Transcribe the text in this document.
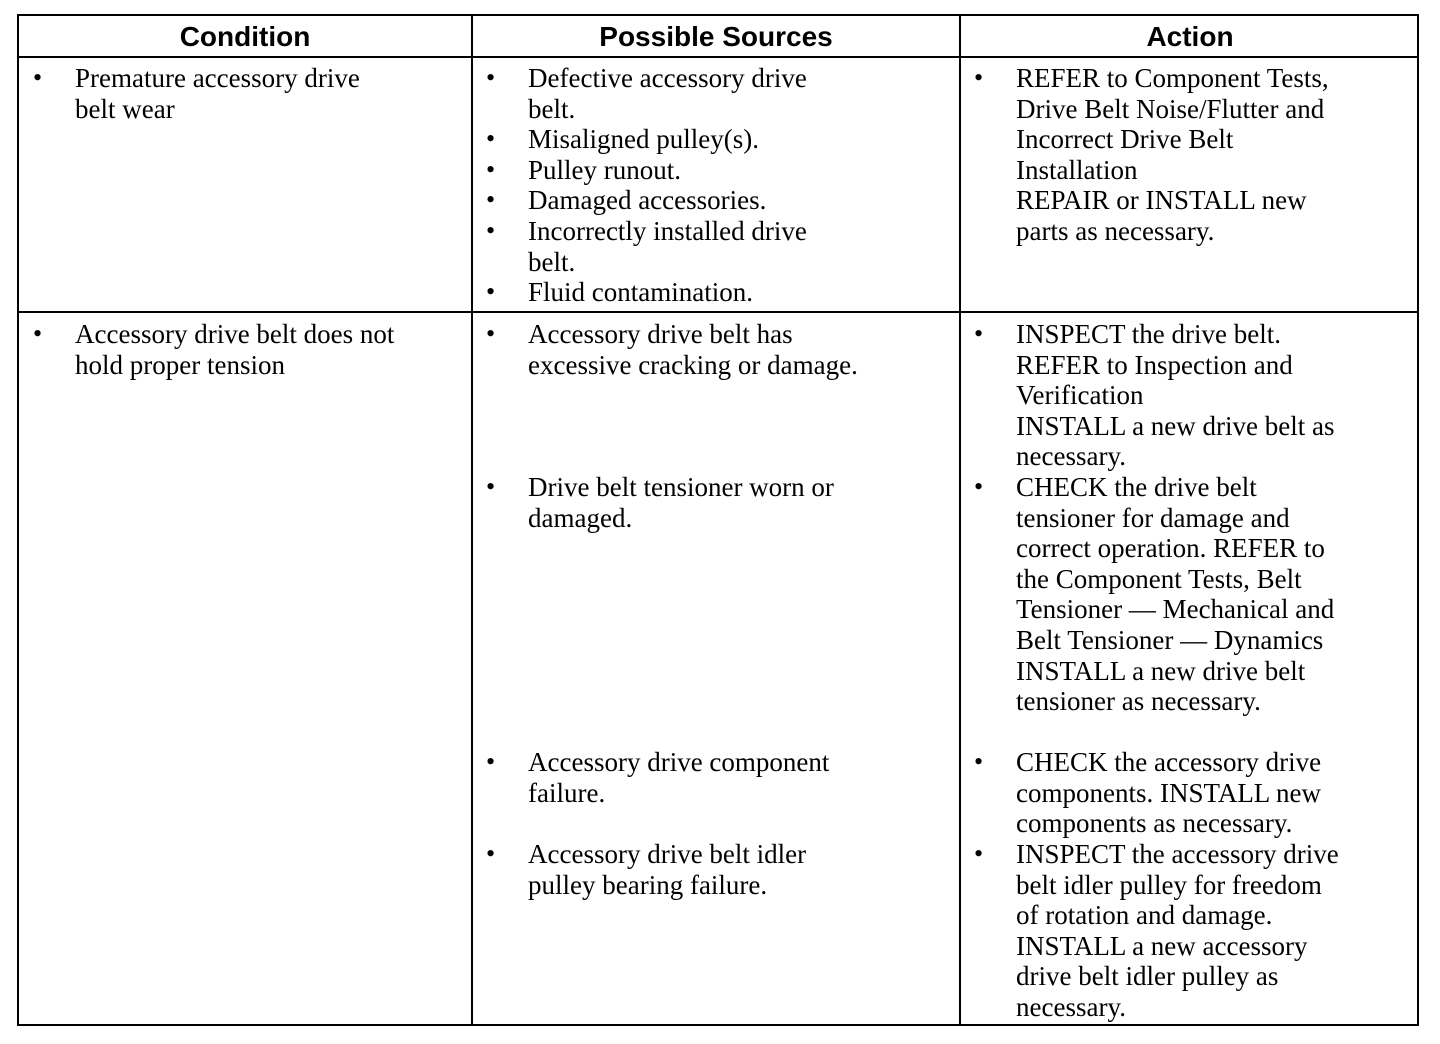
Condition	Possible Sources	Action
• Premature accessory drive
belt wear
• Defective accessory drive
belt.
• Misaligned pulley(s).
• Pulley runout.
• Damaged accessories.
• Incorrectly installed drive
belt.
• Fluid contamination.
• REFER to Component Tests,
Drive Belt Noise/Flutter and
Incorrect Drive Belt
Installation
REPAIR or INSTALL new
parts as necessary.
• Accessory drive belt does not
hold proper tension
• Accessory drive belt has
excessive cracking or damage.
• Drive belt tensioner worn or
damaged.
• Accessory drive component
failure.
• Accessory drive belt idler
pulley bearing failure.
• INSPECT the drive belt.
REFER to Inspection and
Verification
INSTALL a new drive belt as
necessary.
• CHECK the drive belt
tensioner for damage and
correct operation. REFER to
the Component Tests, Belt
Tensioner — Mechanical and
Belt Tensioner — Dynamics
INSTALL a new drive belt
tensioner as necessary.
• CHECK the accessory drive
components. INSTALL new
components as necessary.
• INSPECT the accessory drive
belt idler pulley for freedom
of rotation and damage.
INSTALL a new accessory
drive belt idler pulley as
necessary.
